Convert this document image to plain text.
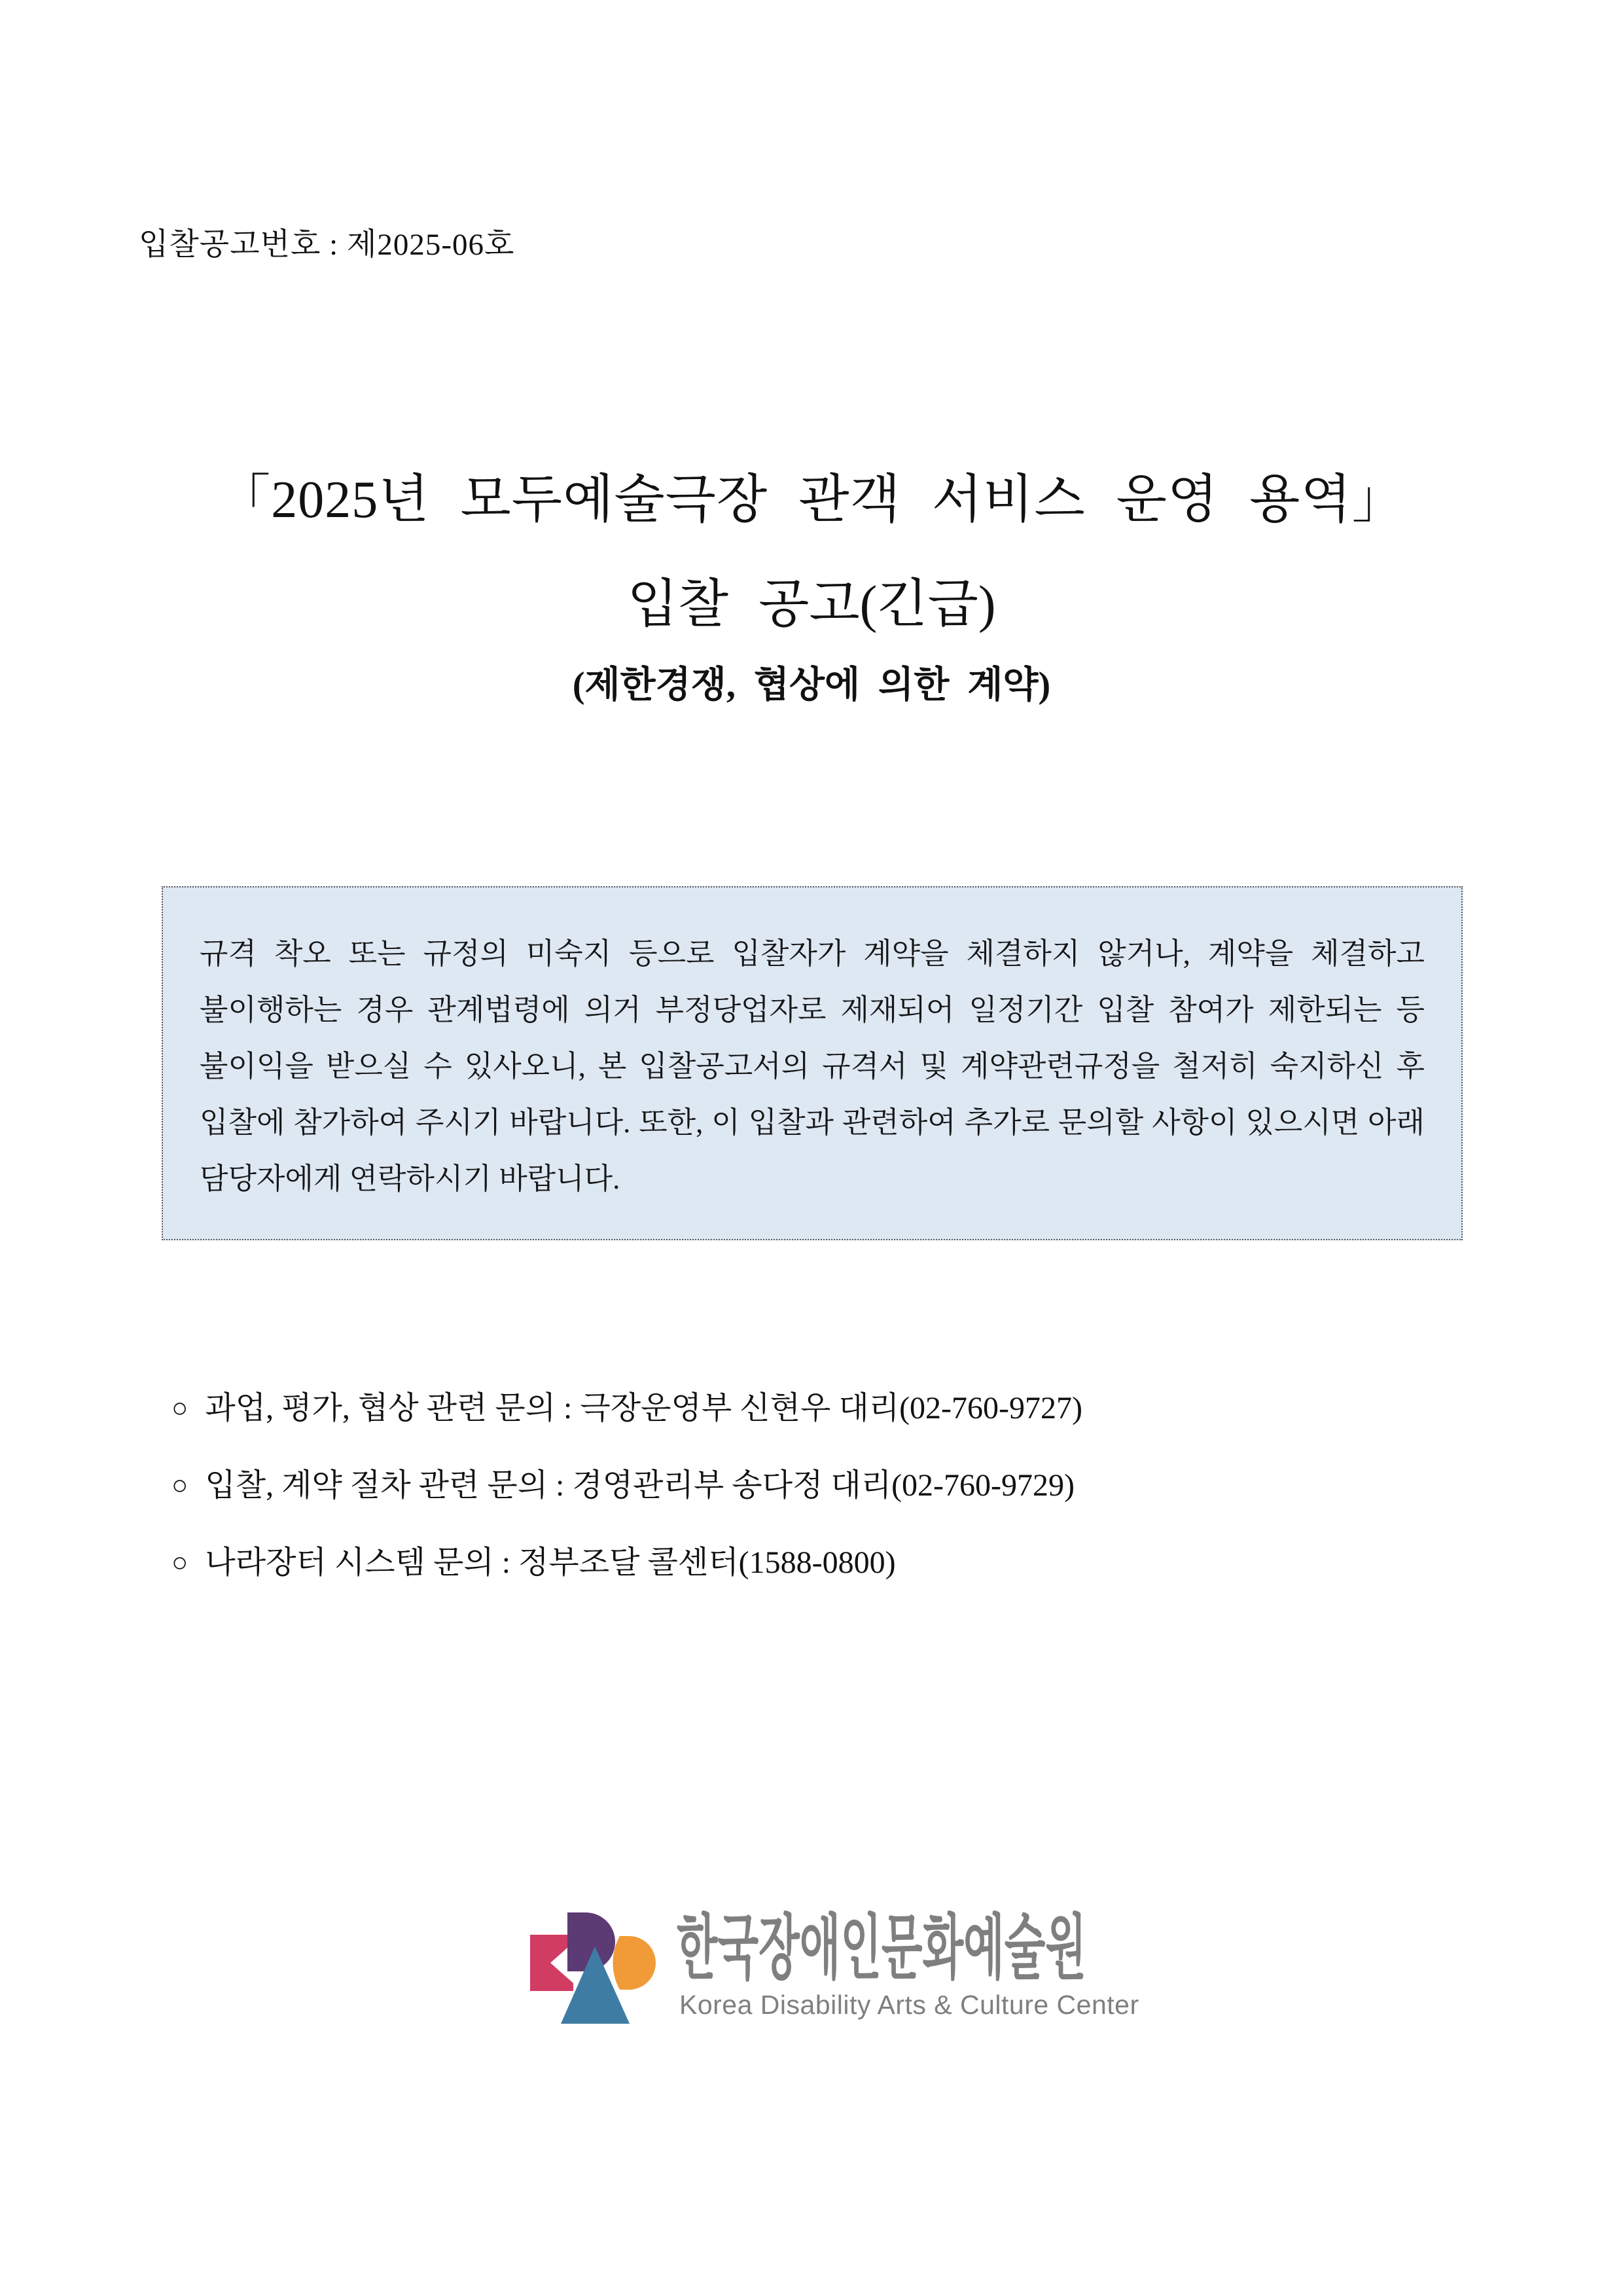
입찰공고번호 : 제2025-06호
「2025년 모두예술극장 관객 서비스 운영 용역」
입찰 공고(긴급)
(제한경쟁, 협상에 의한 계약)

규격 착오 또는 규정의 미숙지 등으로 입찰자가 계약을 체결하지 않거나, 계약을 체결하고 불이행하는 경우 관계법령에 의거 부정당업자로 제재되어 일정기간 입찰 참여가 제한되는 등 불이익을 받으실 수 있사오니, 본 입찰공고서의 규격서 및 계약관련규정을 철저히 숙지하신 후 입찰에 참가하여 주시기 바랍니다. 또한, 이 입찰과 관련하여 추가로 문의할 사항이 있으시면 아래 담당자에게 연락하시기 바랍니다.

○ 과업, 평가, 협상 관련 문의 : 극장운영부 신현우 대리(02-760-9727)
○ 입찰, 계약 절차 관련 문의 : 경영관리부 송다정 대리(02-760-9729)
○ 나라장터 시스템 문의 : 정부조달 콜센터(1588-0800)
한국장애인문화예술원
Korea Disability Arts & Culture Center
